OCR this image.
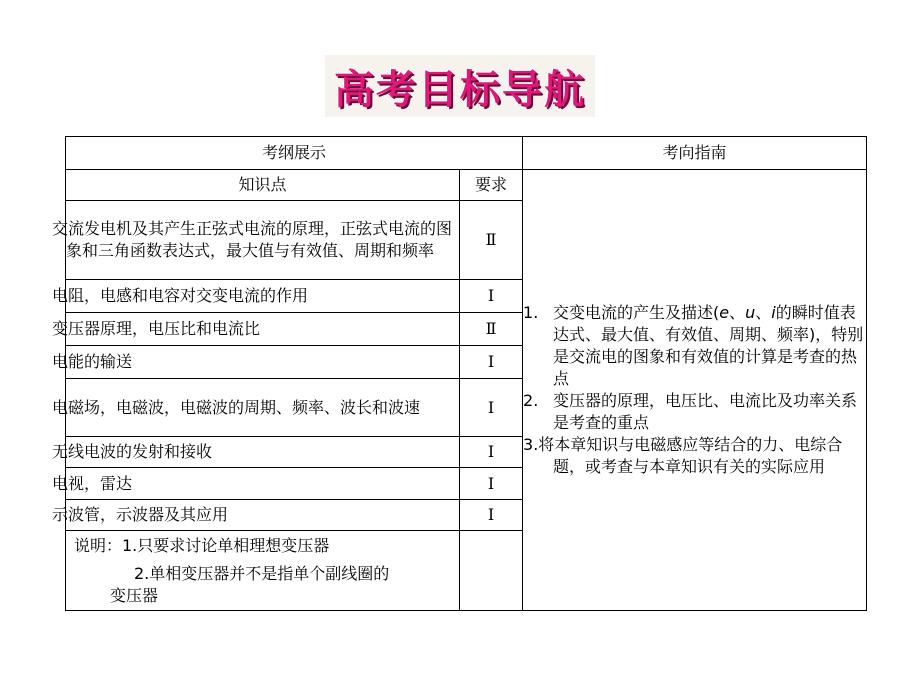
高考目标导航
考纲展示		考向指南
知识点	要求	1. 交变电流的产生及描述(e、u、i的瞬时值表达式、最大值、有效值、周期、频率)，特别是交流电的图象和有效值的计算是考查的热点
2. 变压器的原理，电压比、电流比及功率关系是考查的重点
3.将本章知识与电磁感应等结合的力、电综合题，或考查与本章知识有关的实际应用

交流发电机及其产生正弦式电流的原理，正弦式电流的图象和三角函数表达式，最大值与有效值、周期和频率	Ⅱ	
电阻，电感和电容对交变电流的作用	Ⅰ	
变压器原理，电压比和电流比	Ⅱ	
电能的输送	Ⅰ	
电磁场，电磁波，电磁波的周期、频率、波长和波速	Ⅰ	
无线电波的发射和接收	Ⅰ	
电视，雷达	Ⅰ	
示波管，示波器及其应用	Ⅰ	

说明：1.只要求讨论单相理想变压器
2.单相变压器并不是指单个副线圈的
变压器		
